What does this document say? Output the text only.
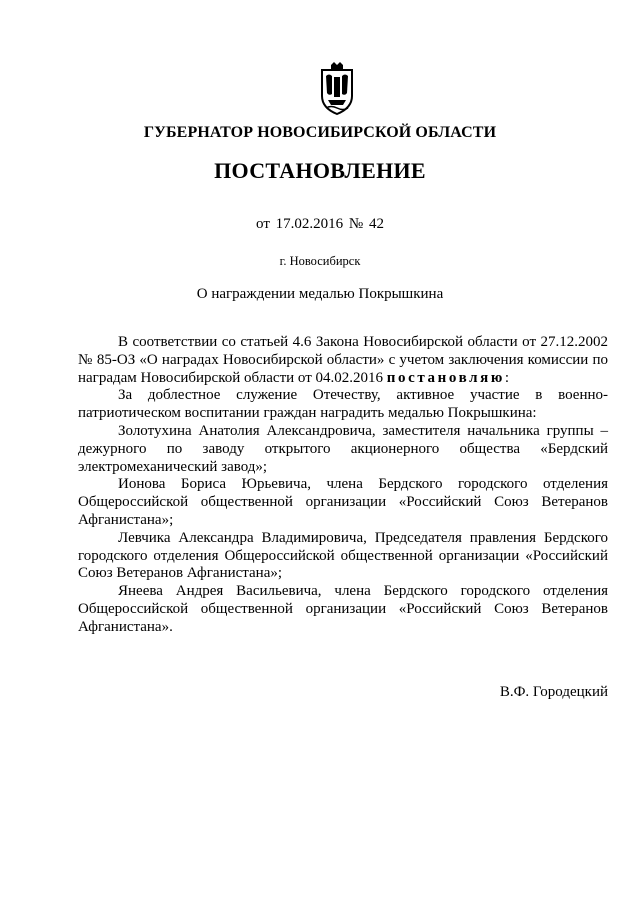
ГУБЕРНАТОР НОВОСИБИРСКОЙ ОБЛАСТИ
ПОСТАНОВЛЕНИЕ
от 17.02.2016 № 42
г. Новосибирск
О награждении медалью Покрышкина

В соответствии со статьей 4.6 Закона Новосибирской области от 27.12.2002 № 85-ОЗ «О наградах Новосибирской области» с учетом заключения комиссии по наградам Новосибирской области от 04.02.2016 постановляю:

За доблестное служение Отечеству, активное участие в военно-патриотическом воспитании граждан наградить медалью Покрышкина:

Золотухина Анатолия Александровича, заместителя начальника группы – дежурного по заводу открытого акционерного общества «Бердский электромеханический завод»;

Ионова Бориса Юрьевича, члена Бердского городского отделения Общероссийской общественной организации «Российский Союз Ветеранов Афганистана»;

Левчика Александра Владимировича, Председателя правления Бердского городского отделения Общероссийской общественной организации «Российский Союз Ветеранов Афганистана»;

Янеева Андрея Васильевича, члена Бердского городского отделения Общероссийской общественной организации «Российский Союз Ветеранов Афганистана».

В.Ф. Городецкий
